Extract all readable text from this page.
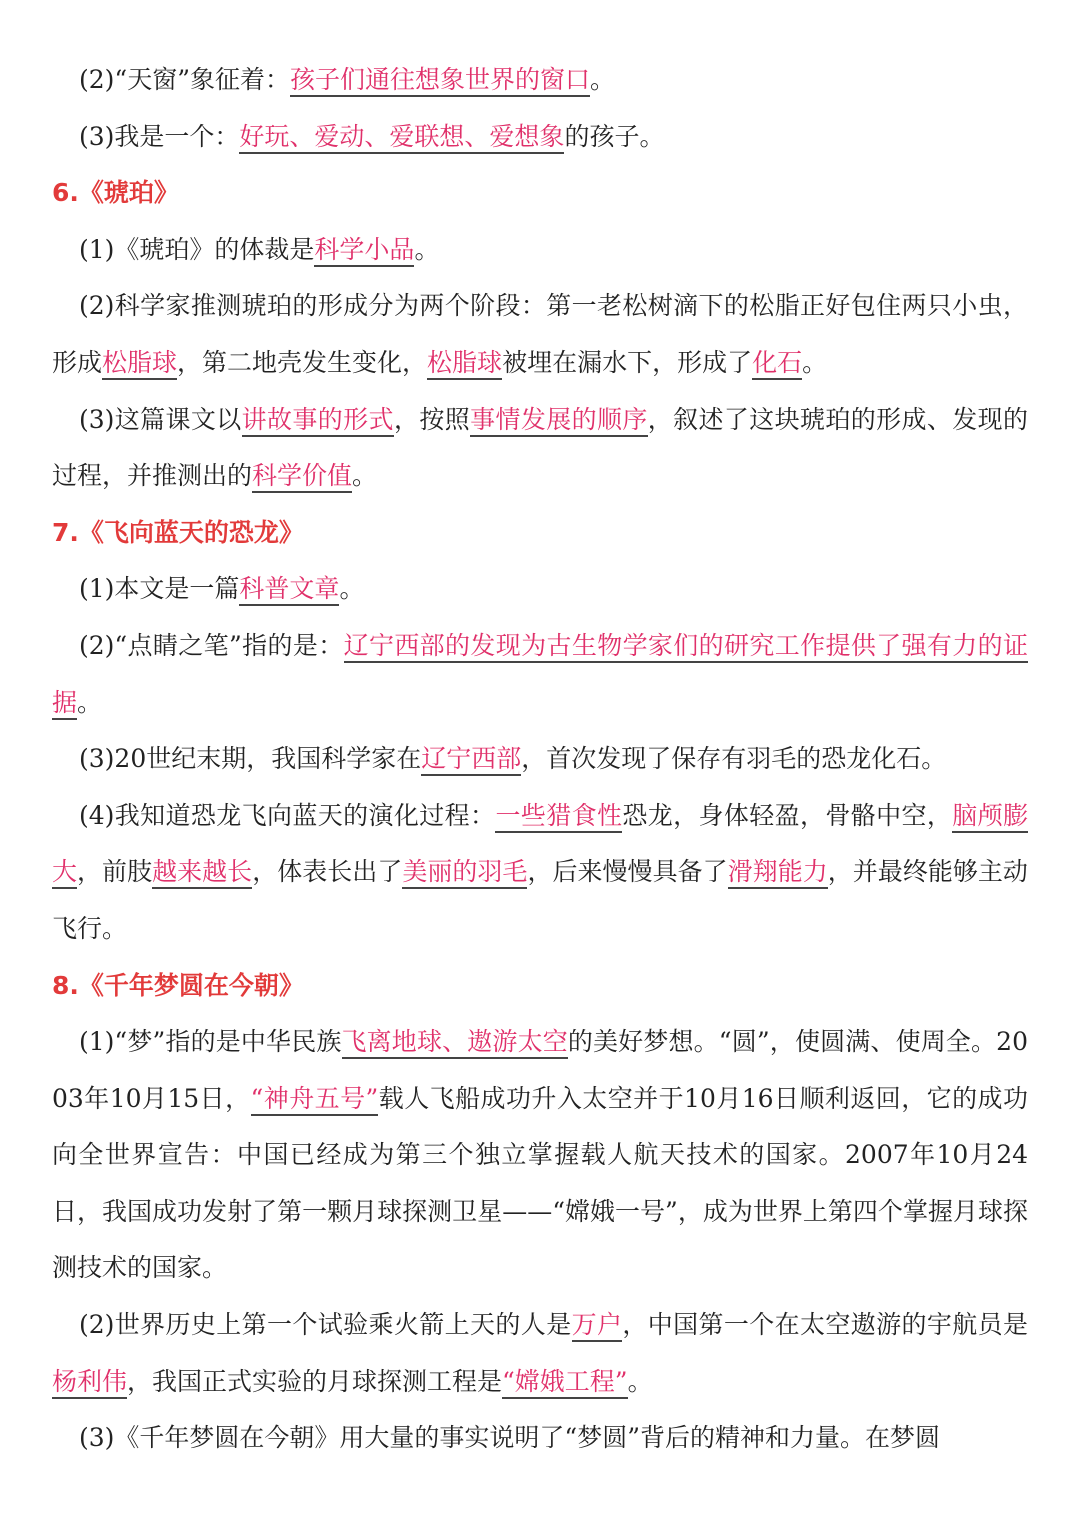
(2)“天窗”象征着：孩子们通往想象世界的窗口。

(3)我是一个：好玩、爱动、爱联想、爱想象的孩子。

6.《琥珀》

(1)《琥珀》的体裁是科学小品。

(2)科学家推测琥珀的形成分为两个阶段：第一老松树滴下的松脂正好包住两只小虫，形成松脂球，第二地壳发生变化，松脂球被埋在漏水下，形成了化石。

(3)这篇课文以讲故事的形式，按照事情发展的顺序，叙述了这块琥珀的形成、发现的过程，并推测出的科学价值。

7.《飞向蓝天的恐龙》

(1)本文是一篇科普文章。

(2)“点睛之笔”指的是：辽宁西部的发现为古生物学家们的研究工作提供了强有力的证据。

(3)20世纪末期，我国科学家在辽宁西部，首次发现了保存有羽毛的恐龙化石。

(4)我知道恐龙飞向蓝天的演化过程：一些猎食性恐龙，身体轻盈，骨骼中空，脑颅膨大，前肢越来越长，体表长出了美丽的羽毛，后来慢慢具备了滑翔能力，并最终能够主动飞行。

8.《千年梦圆在今朝》

(1)“梦”指的是中华民族飞离地球、遨游太空的美好梦想。“圆”，使圆满、使周全。2003年10月15日，“神舟五号”载人飞船成功升入太空并于10月16日顺利返回，它的成功向全世界宣告：中国已经成为第三个独立掌握载人航天技术的国家。2007年10月24日，我国成功发射了第一颗月球探测卫星——“嫦娥一号”，成为世界上第四个掌握月球探测技术的国家。

(2)世界历史上第一个试验乘火箭上天的人是万户，中国第一个在太空遨游的宇航员是杨利伟，我国正式实验的月球探测工程是“嫦娥工程”。

(3)《千年梦圆在今朝》用大量的事实说明了“梦圆”背后的精神和力量。在梦圆
